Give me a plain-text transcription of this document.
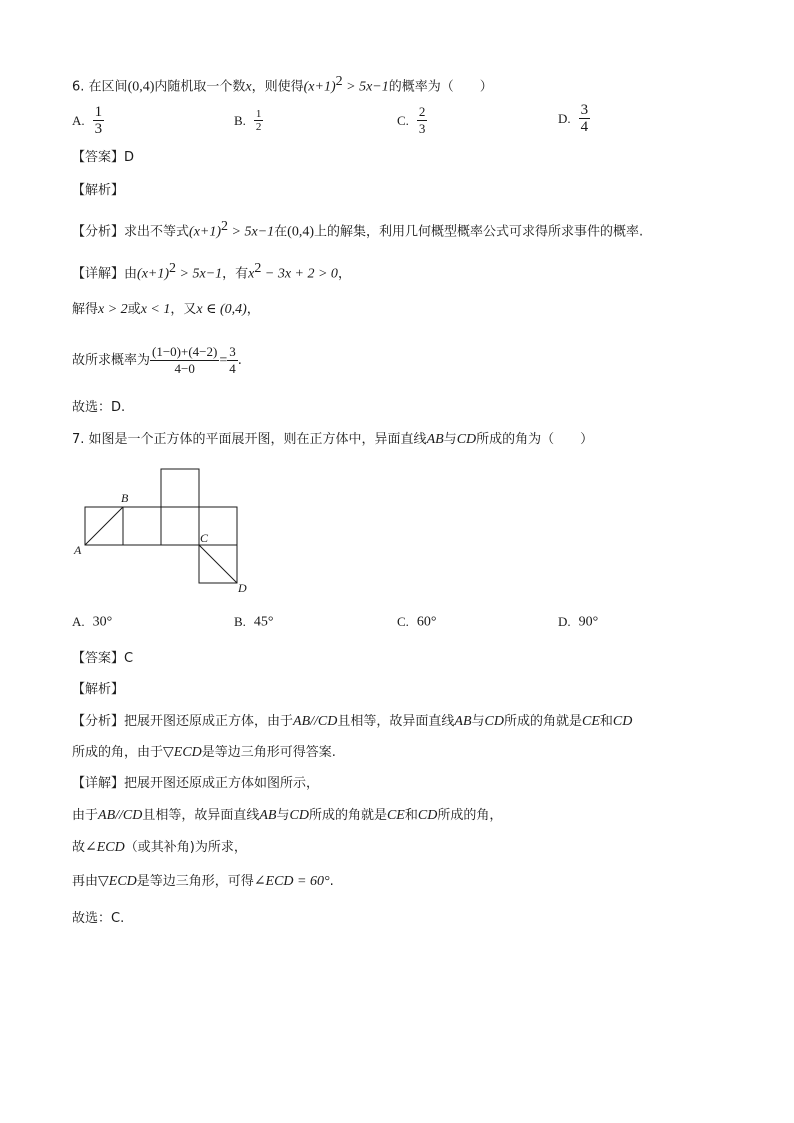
6. 在区间(0,4)内随机取一个数x，则使得$(x+1)^2 > 5x-1$的概率为（　　）
A. $\frac{1}{3}$	B. $\frac{1}{2}$	C. $\frac{2}{3}$	D. $\frac{3}{4}$
【答案】D
【解析】
【分析】求出不等式$(x+1)^2 > 5x-1$在(0,4)上的解集，利用几何概型概率公式可求得所求事件的概率.
【详解】由$(x+1)^2 > 5x-1$，有$x^2 - 3x + 2 > 0$，
解得x > 2或x < 1，又x ∈ (0,4)，
故所求概率为 $\frac{(1-0)+(4-2)}{4-0} = \frac{3}{4}$ .
故选：D.
7. 如图是一个正方体的平面展开图，则在正方体中，异面直线AB与CD所成的角为（　　）
B
A
C
D
A. 30°	B. 45°	C. 60°	D. 90°
【答案】C
【解析】
【分析】把展开图还原成正方体，由于AB//CD且相等，故异面直线AB与CD所成的角就是CE和CD
所成的角，由于▽ECD是等边三角形可得答案.
【详解】把展开图还原成正方体如图所示，
由于AB//CD且相等，故异面直线AB与CD所成的角就是CE和CD所成的角，
故∠ECD（或其补角)为所求，
再由▽ECD是等边三角形，可得∠ECD = 60°.
故选：C.
